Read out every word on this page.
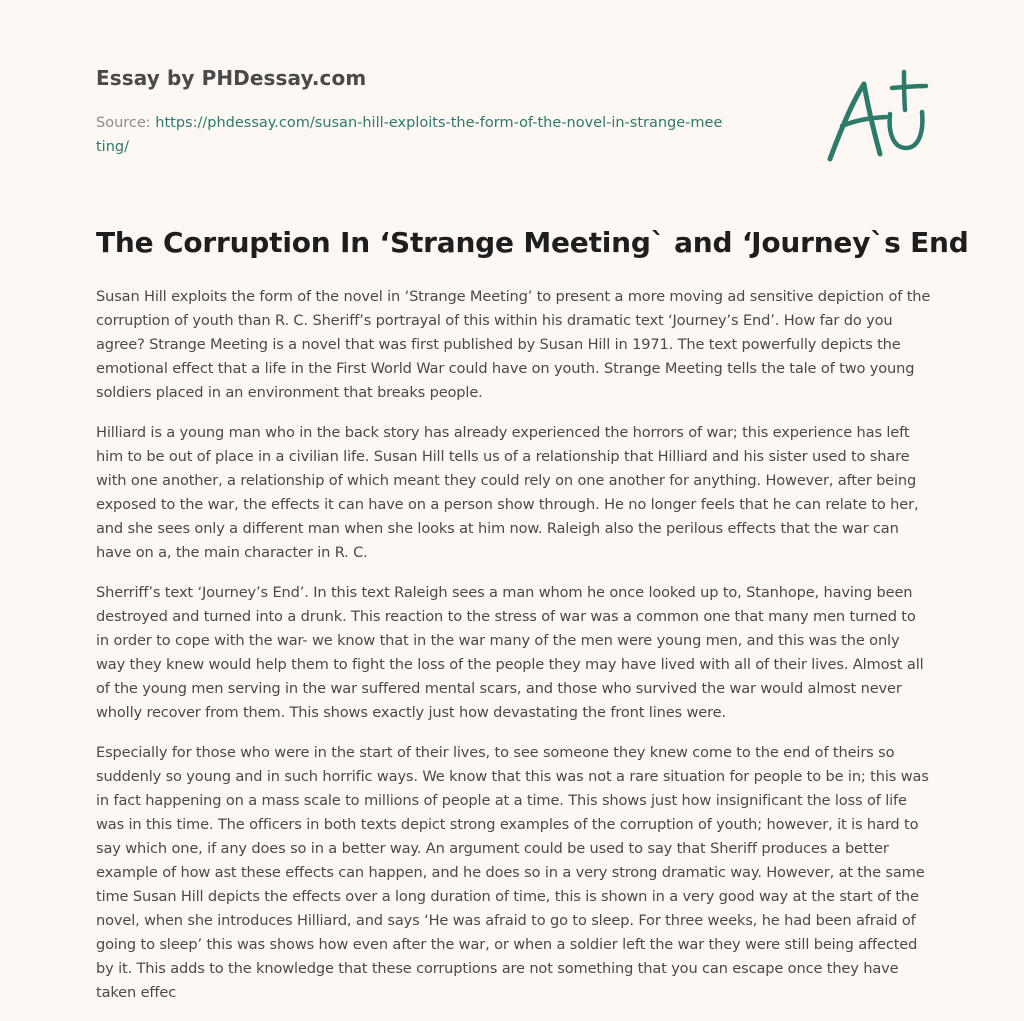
Essay by PHDessay.com
Source: https://phdessay.com/susan-hill-exploits-the-form-of-the-novel-in-strange-meeting/
The Corruption In ‘Strange Meeting` and ‘Journey`s End

Susan Hill exploits the form of the novel in ‘Strange Meeting’ to present a more moving ad sensitive depiction of the corruption of youth than R. C. Sheriff’s portrayal of this within his dramatic text ‘Journey’s End’. How far do you agree? Strange Meeting is a novel that was first published by Susan Hill in 1971. The text powerfully depicts the emotional effect that a life in the First World War could have on youth. Strange Meeting tells the tale of two young soldiers placed in an environment that breaks people.

Hilliard is a young man who in the back story has already experienced the horrors of war; this experience has left him to be out of place in a civilian life. Susan Hill tells us of a relationship that Hilliard and his sister used to share with one another, a relationship of which meant they could rely on one another for anything. However, after being exposed to the war, the effects it can have on a person show through. He no longer feels that he can relate to her, and she sees only a different man when she looks at him now. Raleigh also the perilous effects that the war can have on a, the main character in R. C.

Sherriff’s text ‘Journey’s End’. In this text Raleigh sees a man whom he once looked up to, Stanhope, having been destroyed and turned into a drunk. This reaction to the stress of war was a common one that many men turned to in order to cope with the war- we know that in the war many of the men were young men, and this was the only way they knew would help them to fight the loss of the people they may have lived with all of their lives. Almost all of the young men serving in the war suffered mental scars, and those who survived the war would almost never wholly recover from them. This shows exactly just how devastating the front lines were.

Especially for those who were in the start of their lives, to see someone they knew come to the end of theirs so suddenly so young and in such horrific ways. We know that this was not a rare situation for people to be in; this was in fact happening on a mass scale to millions of people at a time. This shows just how insignificant the loss of life was in this time. The officers in both texts depict strong examples of the corruption of youth; however, it is hard to say which one, if any does so in a better way. An argument could be used to say that Sheriff produces a better example of how ast these effects can happen, and he does so in a very strong dramatic way. However, at the same time Susan Hill depicts the effects over a long duration of time, this is shown in a very good way at the start of the novel, when she introduces Hilliard, and says ‘He was afraid to go to sleep. For three weeks, he had been afraid of going to sleep’ this was shows how even after the war, or when a soldier left the war they were still being affected by it. This adds to the knowledge that these corruptions are not something that you can escape once they have taken effec
